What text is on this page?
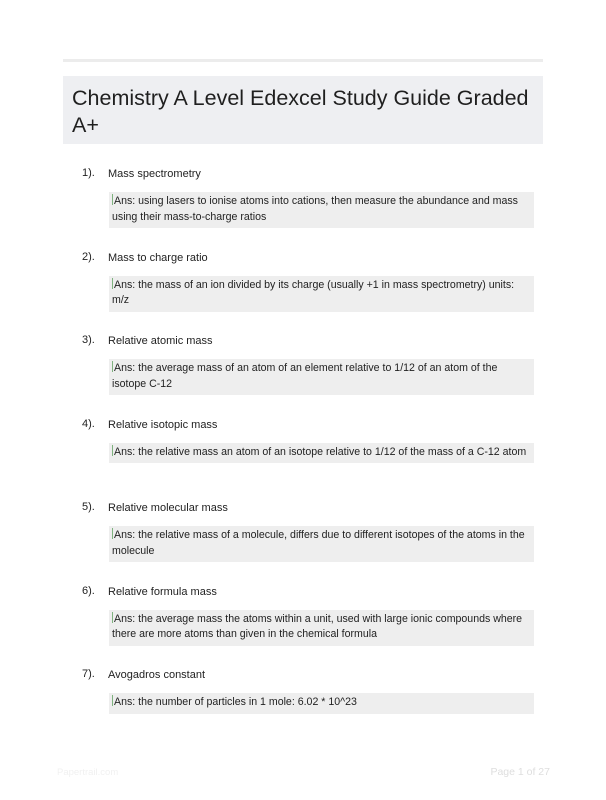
Chemistry A Level Edexcel Study Guide Graded A+
1). Mass spectrometry
Ans: using lasers to ionise atoms into cations, then measure the abundance and mass using their mass-to-charge ratios
2). Mass to charge ratio
Ans: the mass of an ion divided by its charge (usually +1 in mass spectrometry) units: m/z
3). Relative atomic mass
Ans: the average mass of an atom of an element relative to 1/12 of an atom of the isotope C-12
4). Relative isotopic mass
Ans: the relative mass an atom of an isotope relative to 1/12 of the mass of a C-12 atom
5). Relative molecular mass
Ans: the relative mass of a molecule, differs due to different isotopes of the atoms in the molecule
6). Relative formula mass
Ans: the average mass the atoms within a unit, used with large ionic compounds where there are more atoms than given in the chemical formula
7). Avogadros constant
Ans: the number of particles in 1 mole: 6.02 * 10^23
Papertrail.com	Page 1 of 27
